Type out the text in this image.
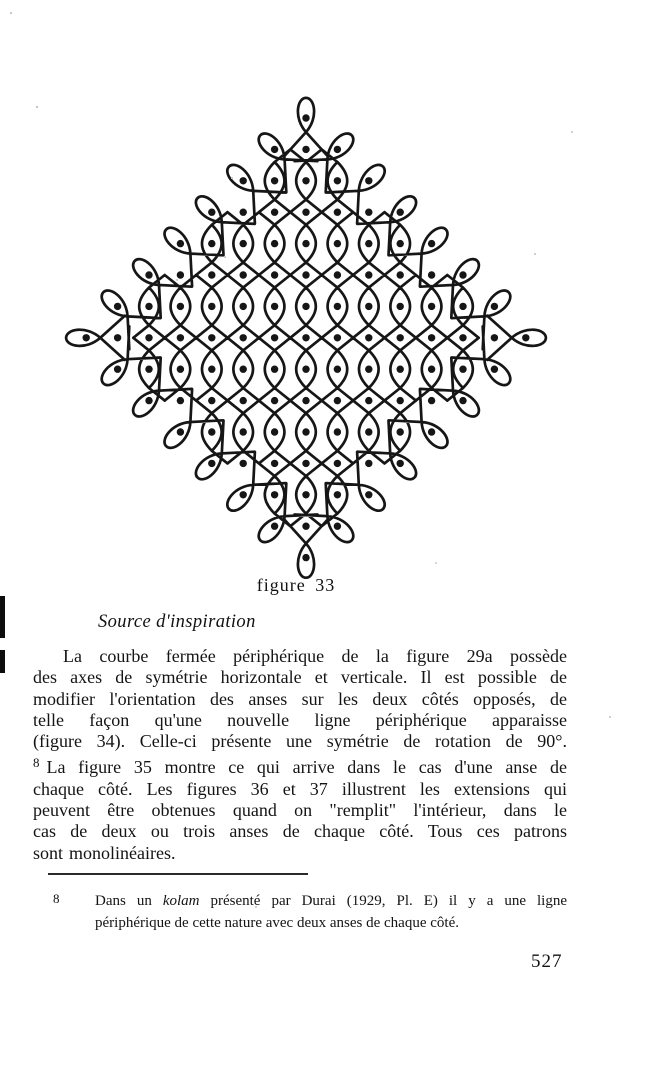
figure 33
Source d'inspiration
La courbe fermée périphérique de la figure 29a possède
des axes de symétrie horizontale et verticale. Il est possible de
modifier l'orientation des anses sur les deux côtés opposés, de
telle façon qu'une nouvelle ligne périphérique apparaisse
(figure 34). Celle-ci présente une symétrie de rotation de 90°.
$^8$ La figure 35 montre ce qui arrive dans le cas d'une anse de
chaque côté. Les figures 36 et 37 illustrent les extensions qui
peuvent être obtenues quand on "remplit" l'intérieur, dans le
cas de deux ou trois anses de chaque côté. Tous ces patrons
sont monolinéaires.
8 Dans un kolam présenté par Durai (1929, Pl. E) il y a une ligne
périphérique de cette nature avec deux anses de chaque côté.
527
